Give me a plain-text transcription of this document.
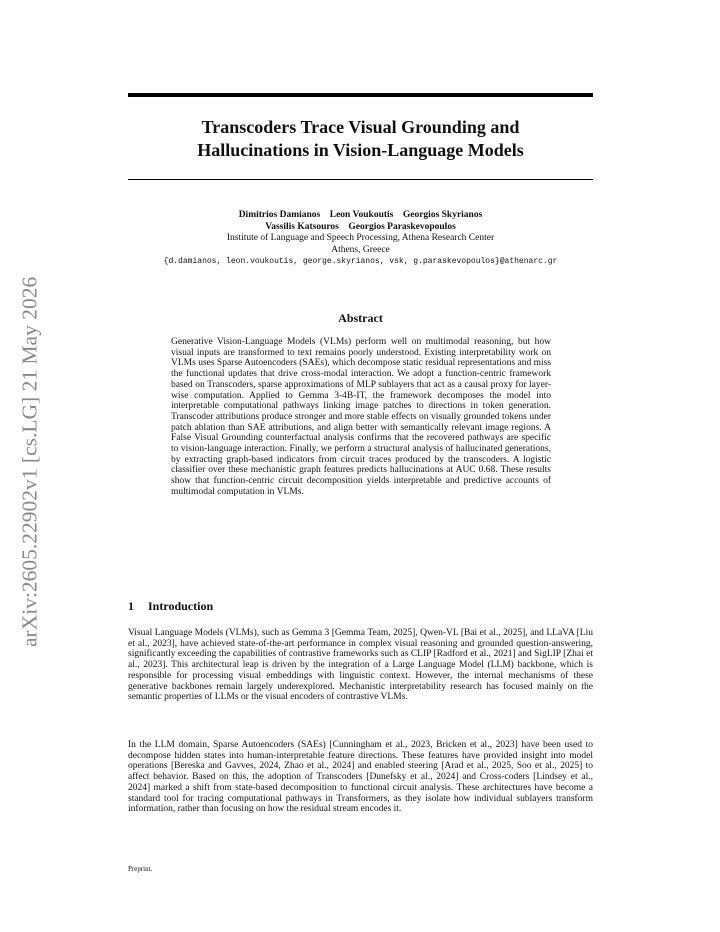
arXiv:2605.22902v1 [cs.LG] 21 May 2026
Transcoders Trace Visual Grounding and
Hallucinations in Vision-Language Models
Dimitrios Damianos    Leon Voukoutis    Georgios Skyrianos
Vassilis Katsouros    Georgios Paraskevopoulos
Institute of Language and Speech Processing, Athena Research Center
Athens, Greece
{d.damianos, leon.voukoutis, george.skyrianos, vsk, g.paraskevopoulos}@athenarc.gr
Abstract

Generative Vision-Language Models (VLMs) perform well on multimodal reasoning, but how visual inputs are transformed to text remains poorly understood. Existing interpretability work on VLMs uses Sparse Autoencoders (SAEs), which decompose static residual representations and miss the functional updates that drive cross-modal interaction. We adopt a function-centric framework based on Transcoders, sparse approximations of MLP sublayers that act as a causal proxy for layer-wise computation. Applied to Gemma 3-4B-IT, the framework decomposes the model into interpretable computational pathways linking image patches to directions in token generation. Transcoder attributions produce stronger and more stable effects on visually grounded tokens under patch ablation than SAE attributions, and align better with semantically relevant image regions. A False Visual Grounding counterfactual analysis confirms that the recovered pathways are specific to vision-language interaction. Finally, we perform a structural analysis of hallucinated generations, by extracting graph-based indicators from circuit traces produced by the transcoders. A logistic classifier over these mechanistic graph features predicts hallucinations at AUC 0.68. These results show that function-centric circuit decomposition yields interpretable and predictive accounts of multimodal computation in VLMs.

1 Introduction

Visual Language Models (VLMs), such as Gemma 3 [Gemma Team, 2025], Qwen-VL [Bai et al., 2025], and LLaVA [Liu et al., 2023], have achieved state-of-the-art performance in complex visual reasoning and grounded question-answering, significantly exceeding the capabilities of contrastive frameworks such as CLIP [Radford et al., 2021] and SigLIP [Zhai et al., 2023]. This architectural leap is driven by the integration of a Large Language Model (LLM) backbone, which is responsible for processing visual embeddings with linguistic context. However, the internal mechanisms of these generative backbones remain largely underexplored. Mechanistic interpretability research has focused mainly on the semantic properties of LLMs or the visual encoders of contrastive VLMs.

In the LLM domain, Sparse Autoencoders (SAEs) [Cunningham et al., 2023, Bricken et al., 2023] have been used to decompose hidden states into human-interpretable feature directions. These features have provided insight into model operations [Bereska and Gavves, 2024, Zhao et al., 2024] and enabled steering [Arad et al., 2025, Soo et al., 2025] to affect behavior. Based on this, the adoption of Transcoders [Dunefsky et al., 2024] and Cross-coders [Lindsey et al., 2024] marked a shift from state-based decomposition to functional circuit analysis. These architectures have become a standard tool for tracing computational pathways in Transformers, as they isolate how individual sublayers transform information, rather than focusing on how the residual stream encodes it.

Preprint.
